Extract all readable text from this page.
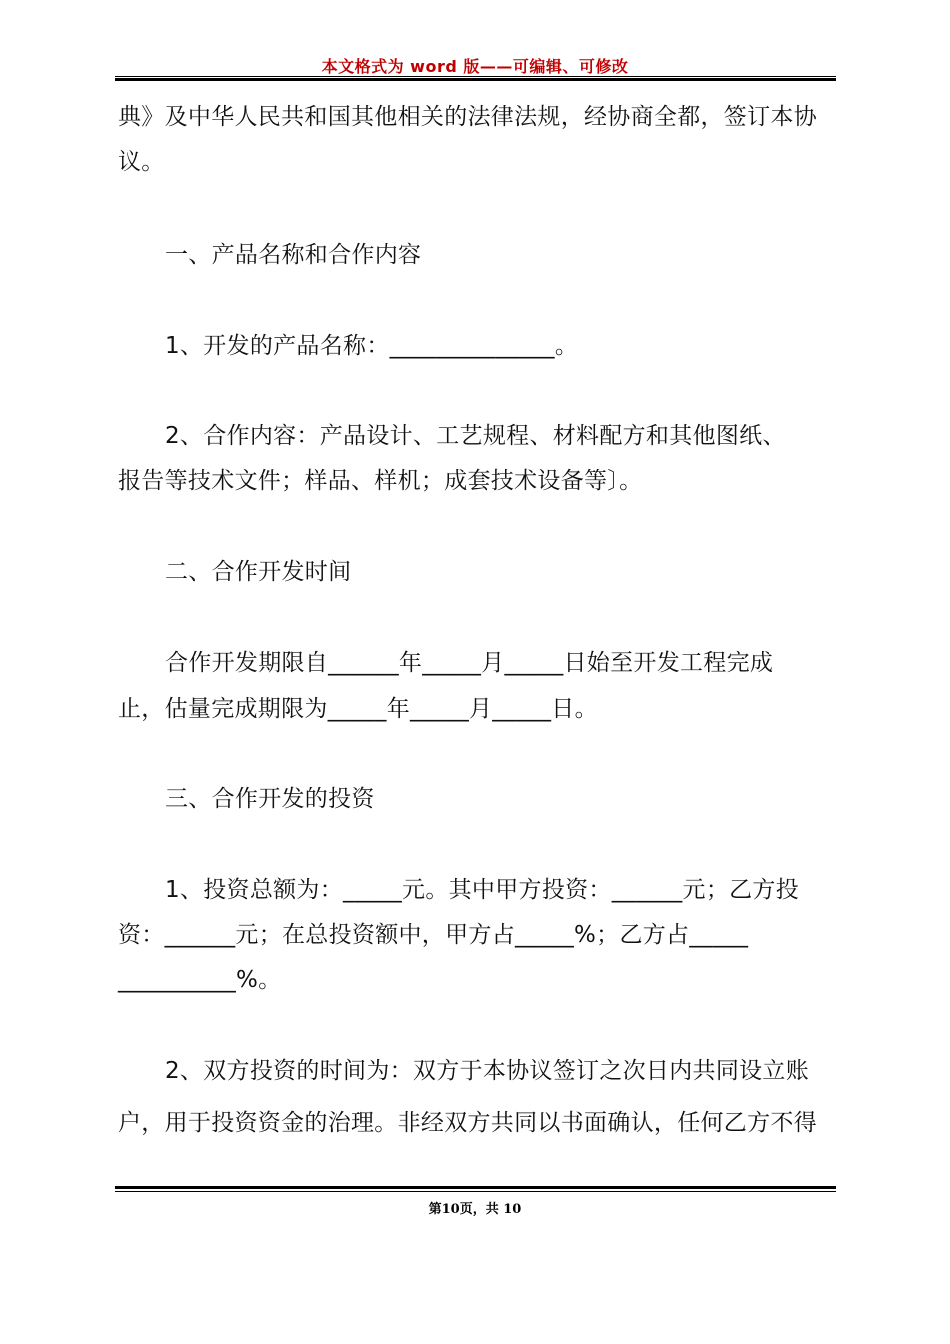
本文格式为 word 版——可编辑、可修改
典》及中华人民共和国其他相关的法律法规，经协商全都，签订本协
议。
一、产品名称和合作内容
1、开发的产品名称：______________。
2、合作内容：产品设计、工艺规程、材料配方和其他图纸、
报告等技术文件；样品、样机；成套技术设备等〕。
二、合作开发时间
合作开发期限自______年_____月_____日始至开发工程完成
止，估量完成期限为_____年_____月_____日。
三、合作开发的投资
1、投资总额为：_____元。其中甲方投资：______元；乙方投
资：______元；在总投资额中，甲方占_____%；乙方占_____
__________%。
2、双方投资的时间为：双方于本协议签订之次日内共同设立账
户，用于投资资金的治理。非经双方共同以书面确认，任何乙方不得
第10页，共 10
